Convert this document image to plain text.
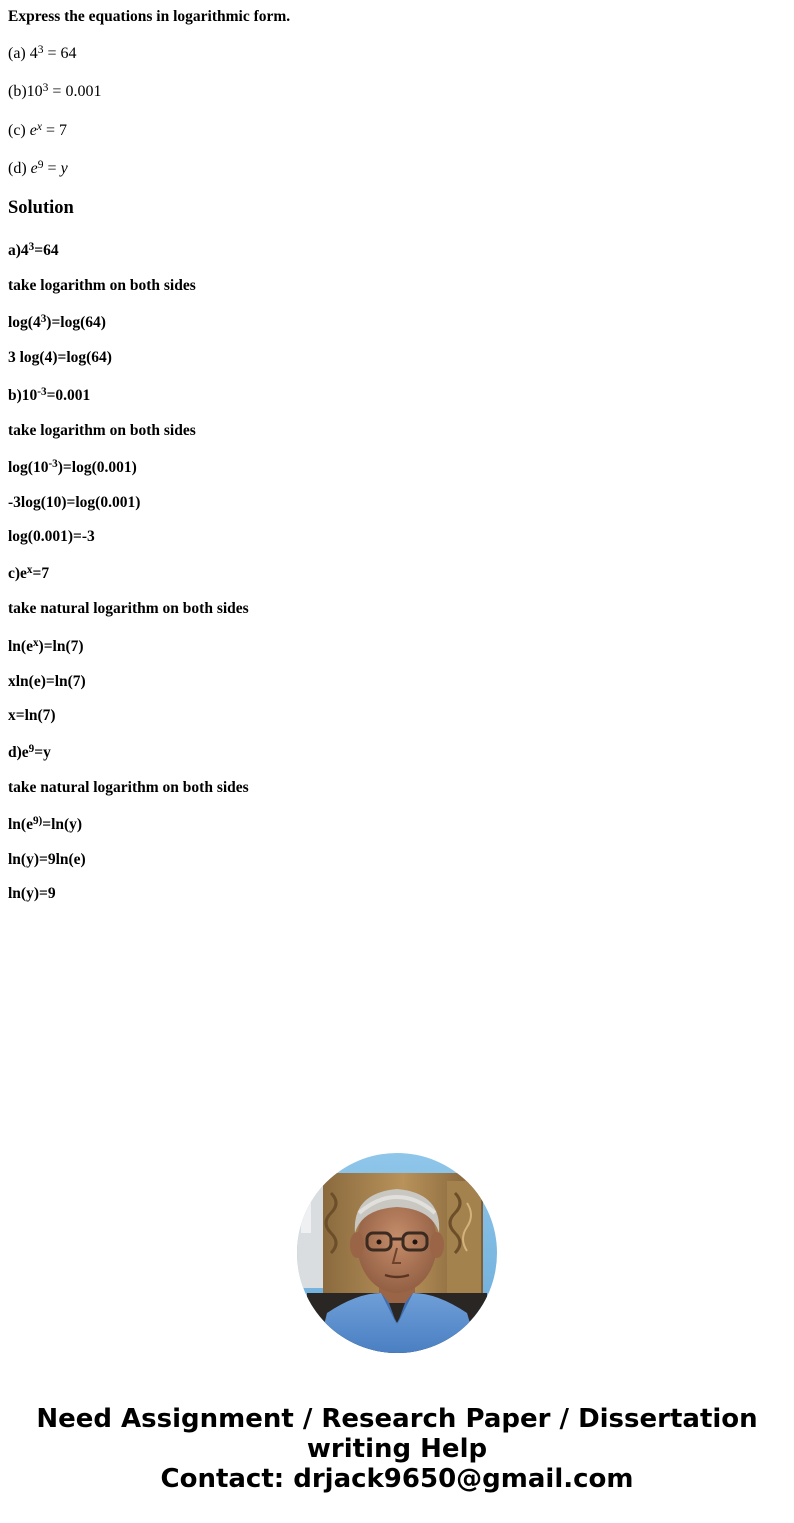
Express the equations in logarithmic form.

(a) $4^3 = 64$

$(b)10^3 = 0.001$

(c) $e^x = 7$

(d) $e^9 = y$

Solution

$a)4^3=64$

take logarithm on both sides

$\log(4^3)=\log(64)$

3 log(4)=log(64)

$b)10^{-3}=0.001$

take logarithm on both sides

$\log(10^{-3})=\log(0.001)$

-3log(10)=log(0.001)

log(0.001)=-3

$c)e^x=7$

take natural logarithm on both sides

$\ln(e^x)=\ln(7)$

xln(e)=ln(7)

x=ln(7)

$d)e^9=y$

take natural logarithm on both sides

$\ln(e^{9)}=\ln(y)$

ln(y)=9ln(e)

ln(y)=9

Need Assignment / Research Paper / Dissertation
writing Help
Contact: drjack9650@gmail.com
